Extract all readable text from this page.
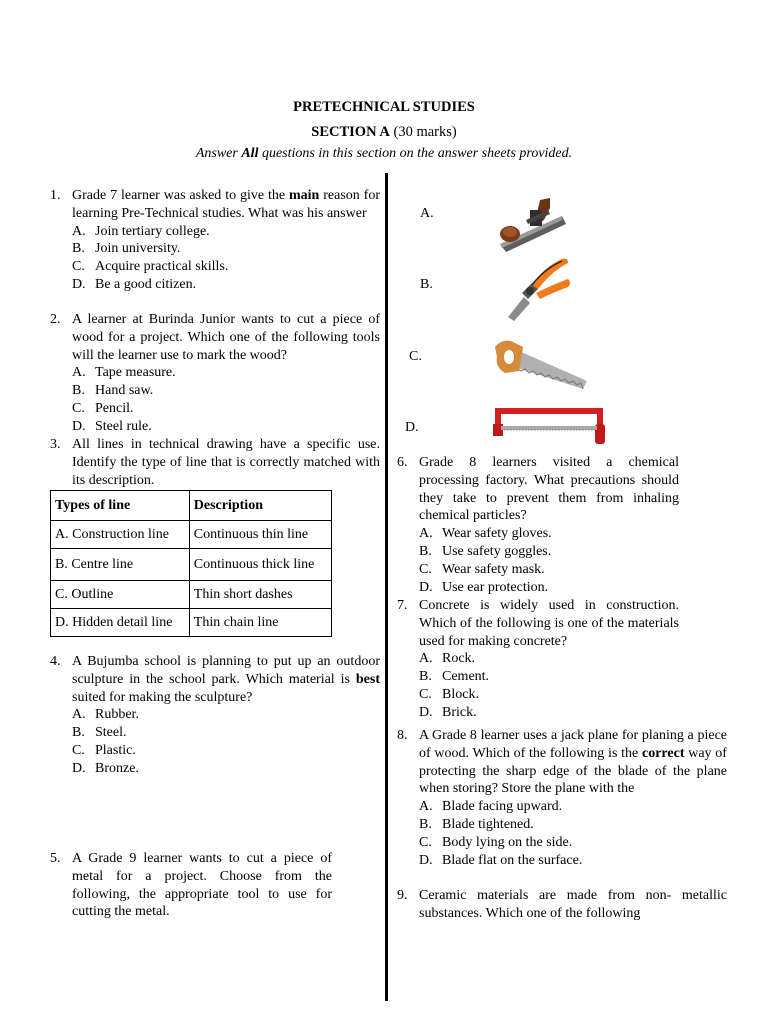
PRETECHNICAL STUDIES
SECTION A (30 marks)
Answer All questions in this section on the answer sheets provided.
1. Grade 7 learner was asked to give the main reason for learning Pre-Technical studies. What was his answer
A. Join tertiary college.
B. Join university.
C. Acquire practical skills.
D. Be a good citizen.
2. A learner at Burinda Junior wants to cut a piece of wood for a project. Which one of the following tools will the learner use to mark the wood?
A. Tape measure.
B. Hand saw.
C. Pencil.
D. Steel rule.
3. All lines in technical drawing have a specific use. Identify the type of line that is correctly matched with its description.
Types of line	Description
A. Construction line	Continuous thin line
B. Centre line	Continuous thick line
C. Outline	Thin short dashes
D. Hidden detail line	Thin chain line
4. A Bujumba school is planning to put up an outdoor sculpture in the school park. Which material is best suited for making the sculpture?
A. Rubber.
B. Steel.
C. Plastic.
D. Bronze.
5. A Grade 9 learner wants to cut a piece of metal for a project. Choose from the following, the appropriate tool to use for cutting the metal.
A.
B.
C.
D.
6. Grade 8 learners visited a chemical processing factory. What precautions should they take to prevent them from inhaling chemical particles?
A. Wear safety gloves.
B. Use safety goggles.
C. Wear safety mask.
D. Use ear protection.
7. Concrete is widely used in construction. Which of the following is one of the materials used for making concrete?
A. Rock.
B. Cement.
C. Block.
D. Brick.
8. A Grade 8 learner uses a jack plane for planing a piece of wood. Which of the following is the correct way of protecting the sharp edge of the blade of the plane when storing? Store the plane with the
A. Blade facing upward.
B. Blade tightened.
C. Body lying on the side.
D. Blade flat on the surface.
9. Ceramic materials are made from non- metallic substances. Which one of the following
